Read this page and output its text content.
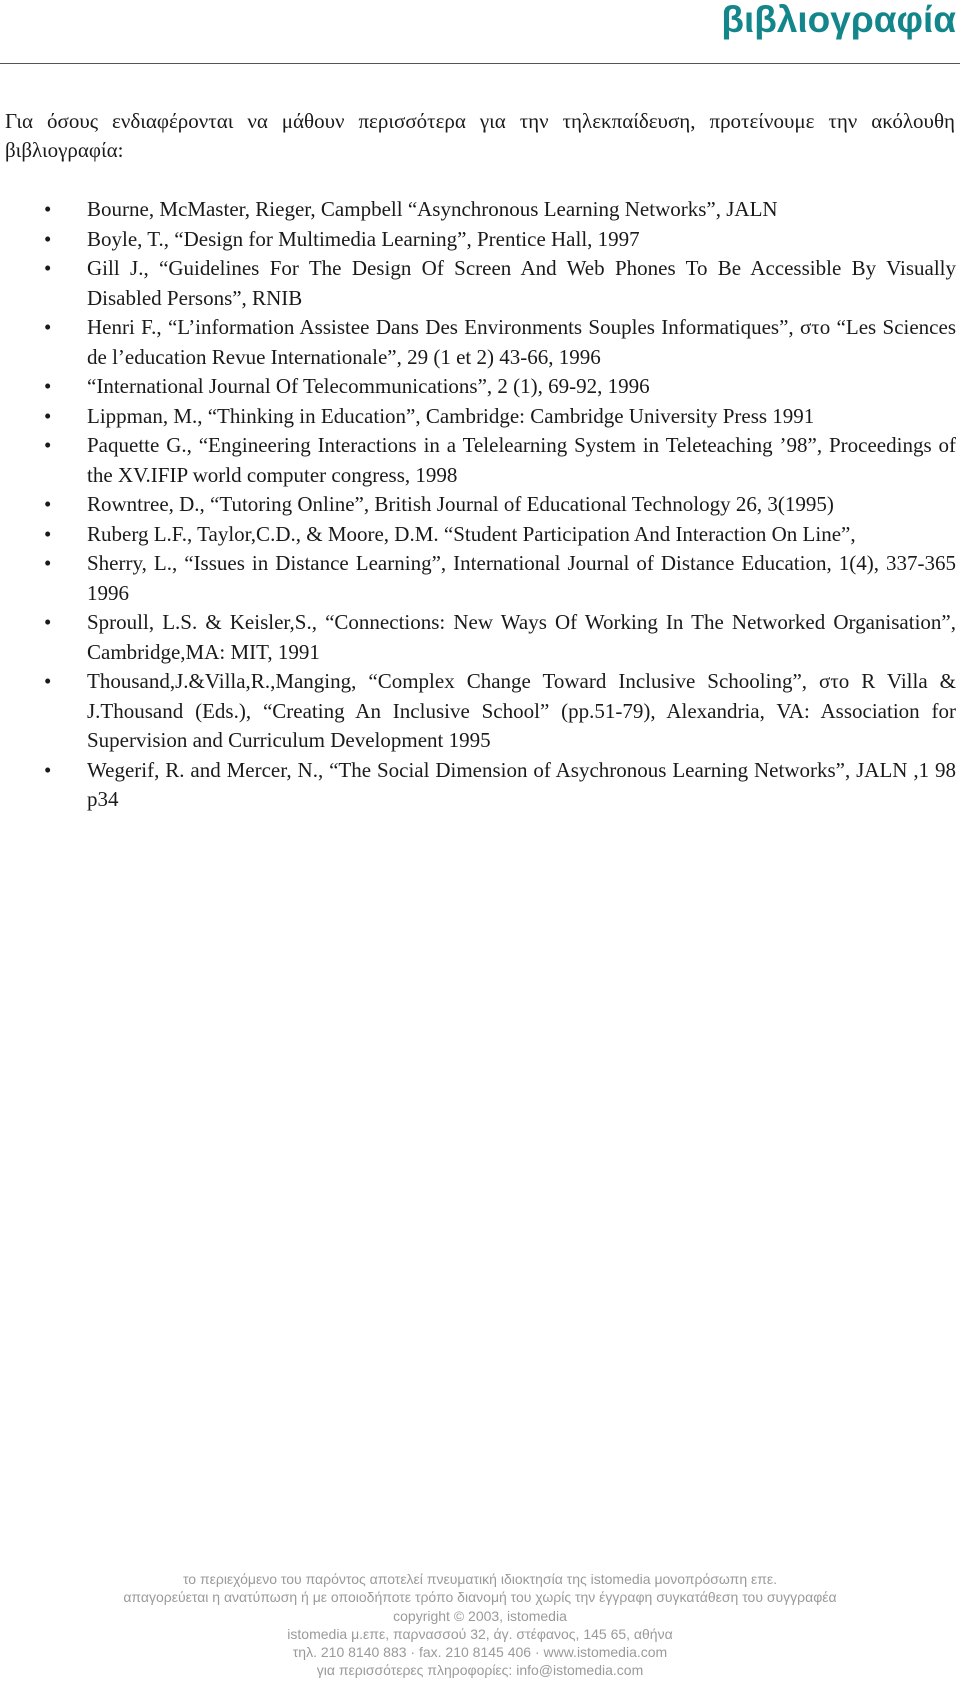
βιβλιογραφία

Για όσους ενδιαφέρονται να μάθουν περισσότερα για την τηλεκπαίδευση, προτείνουμε την ακόλουθη βιβλιογραφία:

• Bourne, McMaster, Rieger, Campbell “Asynchronous Learning Networks”, JALN
• Boyle, T., “Design for Multimedia Learning”, Prentice Hall, 1997
• Gill J., “Guidelines For The Design Of Screen And Web Phones To Be Accessible By Visually Disabled Persons”, RNIB
• Henri F., “L’information Assistee Dans Des Environments Souples Informatiques”, στο “Les Sciences de l’education Revue Internationale”, 29 (1 et 2) 43-66, 1996
• “International Journal Of Telecommunications”, 2 (1), 69-92, 1996
• Lippman, M., “Thinking in Education”, Cambridge: Cambridge University Press 1991
• Paquette G., “Engineering Interactions in a Telelearning System in Teleteaching ’98”, Proceedings of the XV.IFIP world computer congress, 1998
• Rowntree, D., “Tutoring Online”, British Journal of Educational Technology 26, 3(1995)
• Ruberg L.F., Taylor,C.D., & Moore, D.M. “Student Participation And Interaction On Line”,
• Sherry, L., “Issues in Distance Learning”, International Journal of Distance Education, 1(4), 337-365 1996
• Sproull, L.S. & Keisler,S., “Connections: New Ways Of Working In The Networked Organisation”, Cambridge,MA: MIT, 1991
• Thousand,J.&Villa,R.,Manging, “Complex Change Toward Inclusive Schooling”, στο R Villa & J.Thousand (Eds.), “Creating An Inclusive School” (pp.51-79), Alexandria, VA: Association for Supervision and Curriculum Development 1995
• Wegerif, R. and Mercer, N., “The Social Dimension of Asychronous Learning Networks”, JALN ,1 98 p34
το περιεχόμενο του παρόντος αποτελεί πνευματική ιδιοκτησία της istomedia μονοπρόσωπη επε.
απαγορεύεται η ανατύπωση ή με οποιοδήποτε τρόπο διανομή του χωρίς την έγγραφη συγκατάθεση του συγγραφέα
copyright © 2003, istomedia
istomedia μ.επε, παρνασσού 32, άγ. στέφανος, 145 65, αθήνα
τηλ. 210 8140 883 · fax. 210 8145 406 · www.istomedia.com
για περισσότερες πληροφορίες: info@istomedia.com
